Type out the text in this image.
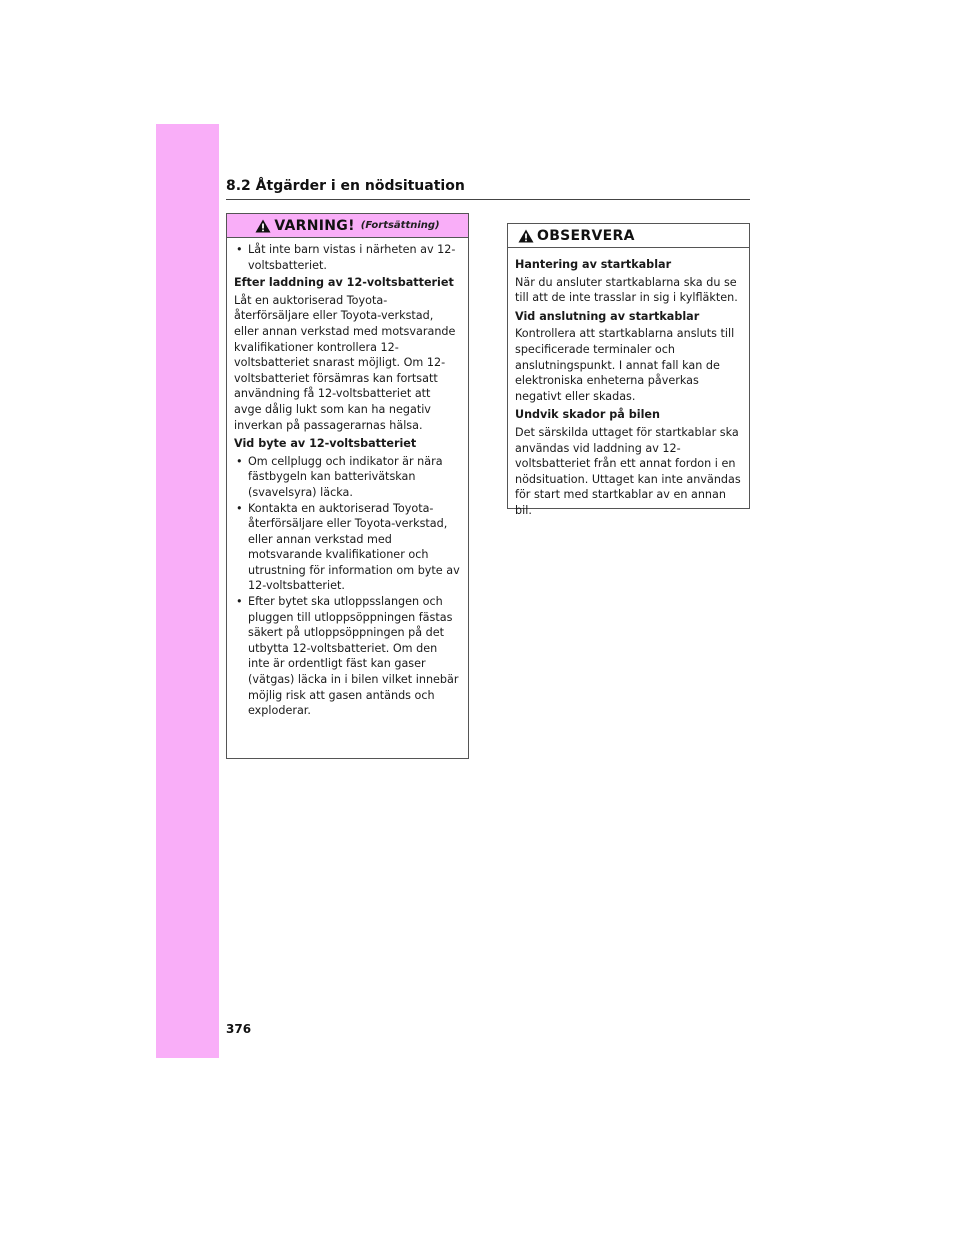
8.2 Åtgärder i en nödsituation
VARNING! (Fortsättning)

• Låt inte barn vistas i närheten av 12-voltsbatteriet.

Efter laddning av 12-voltsbatteriet

Låt en auktoriserad Toyota-återförsäljare eller Toyota-verkstad, eller annan verkstad med motsvarande kvalifikationer kontrollera 12-voltsbatteriet snarast möjligt. Om 12-voltsbatteriet försämras kan fortsatt användning få 12-voltsbatteriet att avge dålig lukt som kan ha negativ inverkan på passagerarnas hälsa.

Vid byte av 12-voltsbatteriet

• Om cellplugg och indikator är nära fästbygeln kan batterivätskan (svavelsyra) läcka.

• Kontakta en auktoriserad Toyota-återförsäljare eller Toyota-verkstad, eller annan verkstad med motsvarande kvalifikationer och utrustning för information om byte av 12-voltsbatteriet.

• Efter bytet ska utloppsslangen och pluggen till utloppsöppningen fästas säkert på utloppsöppningen på det utbytta 12-voltsbatteriet. Om den inte är ordentligt fäst kan gaser (vätgas) läcka in i bilen vilket innebär möjlig risk att gasen antänds och exploderar.

OBSERVERA

Hantering av startkablar

När du ansluter startkablarna ska du se till att de inte trasslar in sig i kylfläkten.

Vid anslutning av startkablar

Kontrollera att startkablarna ansluts till specificerade terminaler och anslutningspunkt. I annat fall kan de elektroniska enheterna påverkas negativt eller skadas.

Undvik skador på bilen

Det särskilda uttaget för startkablar ska användas vid laddning av 12-voltsbatteriet från ett annat fordon i en nödsituation. Uttaget kan inte användas för start med startkablar av en annan bil.

376
